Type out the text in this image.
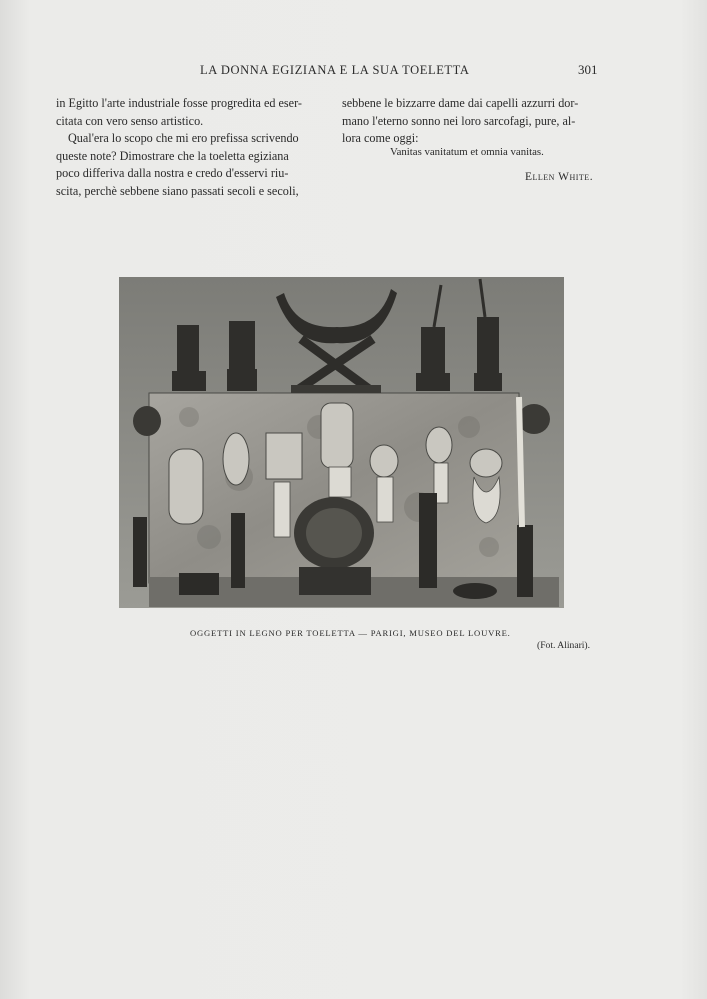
LA DONNA EGIZIANA E LA SUA TOELETTA	301

in Egitto l'arte industriale fosse progredita ed eser-

citata con vero senso artistico.

Qual'era lo scopo che mi ero prefissa scrivendo

queste note? Dimostrare che la toeletta egiziana

poco differiva dalla nostra e credo d'esservi riu-

scita, perchè sebbene siano passati secoli e secoli,

sebbene le bizzarre dame dai capelli azzurri dor-

mano l'eterno sonno nei loro sarcofagi, pure, al-

lora come oggi:

Vanitas vanitatum et omnia vanitas.
Ellen White.
OGGETTI IN LEGNO PER TOELETTA — PARIGI, MUSEO DEL LOUVRE.
(Fot. Alinari).
